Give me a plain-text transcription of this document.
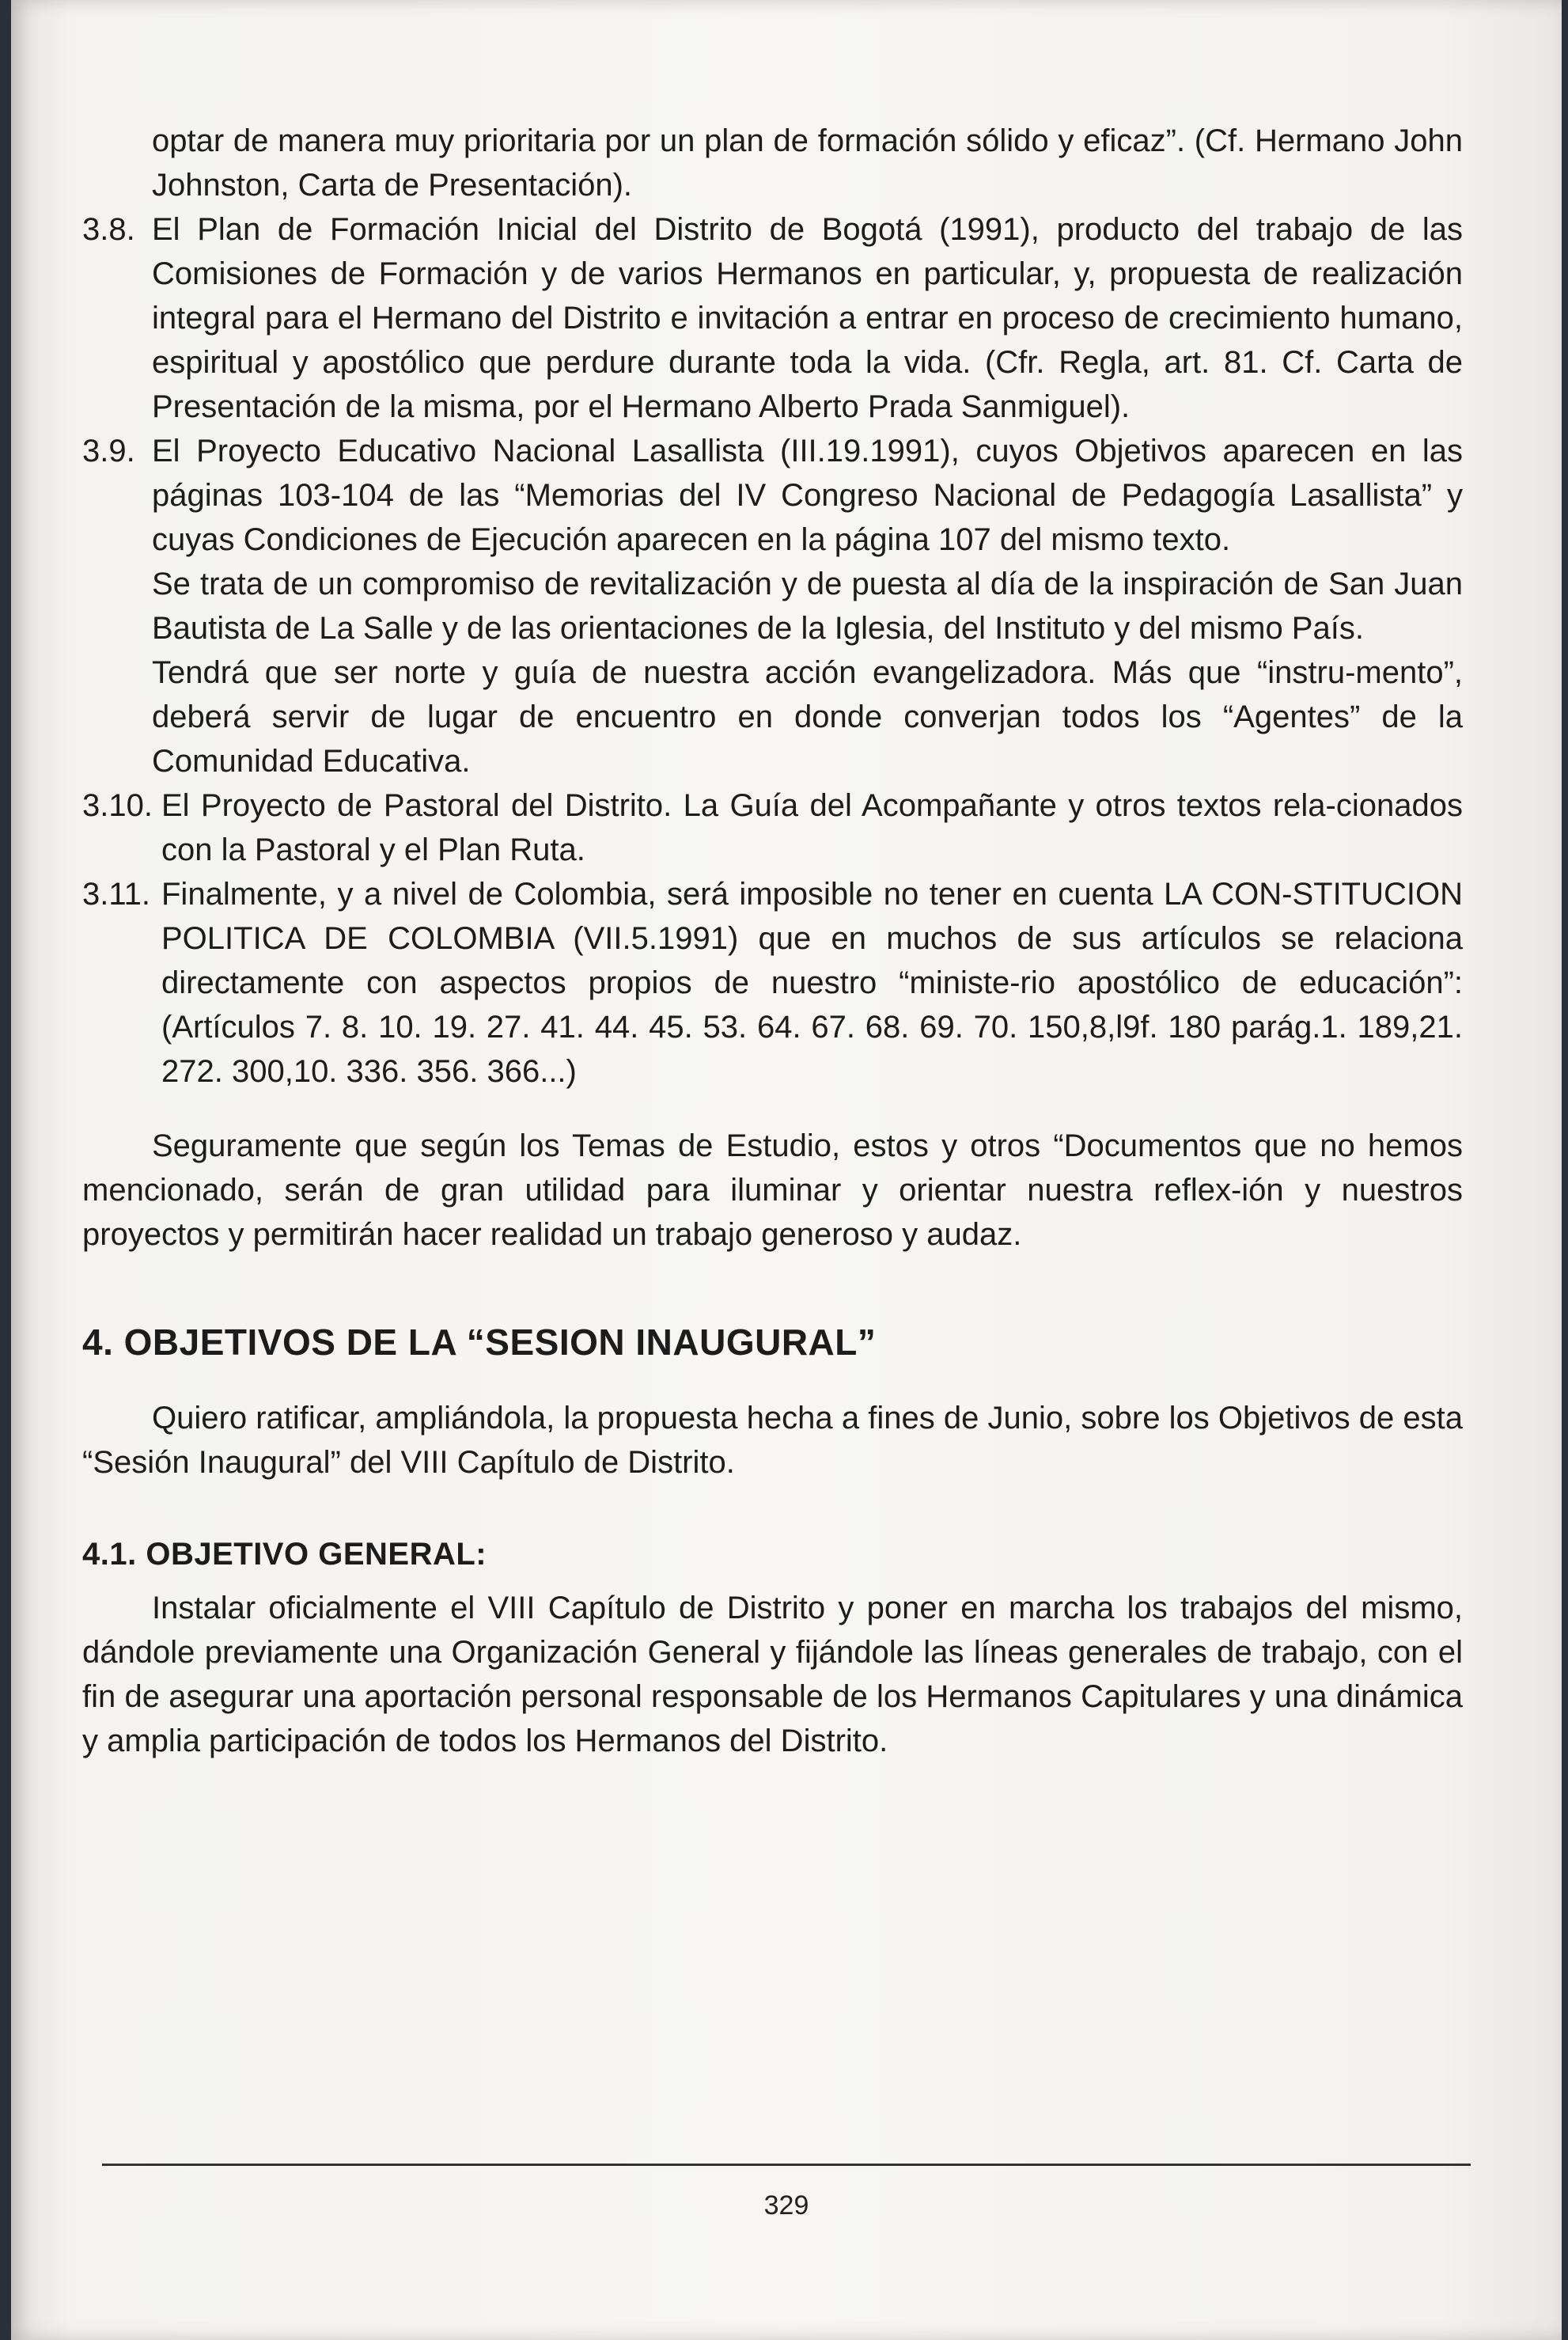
optar de manera muy prioritaria por un plan de formación sólido y eficaz”. (Cf. Hermano John Johnston, Carta de Presentación).

3.8. El Plan de Formación Inicial del Distrito de Bogotá (1991), producto del trabajo de las Comisiones de Formación y de varios Hermanos en particular, y, propuesta de realización integral para el Hermano del Distrito e invitación a entrar en proceso de crecimiento humano, espiritual y apostólico que perdure durante toda la vida. (Cfr. Regla, art. 81. Cf. Carta de Presentación de la misma, por el Hermano Alberto Prada Sanmiguel).
3.9. El Proyecto Educativo Nacional Lasallista (III.19.1991), cuyos Objetivos aparecen en las páginas 103-104 de las “Memorias del IV Congreso Nacional de Pedagogía Lasallista” y cuyas Condiciones de Ejecución aparecen en la página 107 del mismo texto.

Se trata de un compromiso de revitalización y de puesta al día de la inspiración de San Juan Bautista de La Salle y de las orientaciones de la Iglesia, del Instituto y del mismo País.

Tendrá que ser norte y guía de nuestra acción evangelizadora. Más que “instru-mento”, deberá servir de lugar de encuentro en donde converjan todos los “Agentes” de la Comunidad Educativa.

3.10. El Proyecto de Pastoral del Distrito. La Guía del Acompañante y otros textos rela-cionados con la Pastoral y el Plan Ruta.
3.11. Finalmente, y a nivel de Colombia, será imposible no tener en cuenta LA CON-STITUCION POLITICA DE COLOMBIA (VII.5.1991) que en muchos de sus artículos se relaciona directamente con aspectos propios de nuestro “ministe-rio apostólico de educación”: (Artículos 7. 8. 10. 19. 27. 41. 44. 45. 53. 64. 67. 68. 69. 70. 150,8,l9f. 180 parág.1. 189,21. 272. 300,10. 336. 356. 366...)

Seguramente que según los Temas de Estudio, estos y otros “Documentos que no hemos mencionado, serán de gran utilidad para iluminar y orientar nuestra reflex-ión y nuestros proyectos y permitirán hacer realidad un trabajo generoso y audaz.

4. OBJETIVOS DE LA “SESION INAUGURAL”

Quiero ratificar, ampliándola, la propuesta hecha a fines de Junio, sobre los Objetivos de esta “Sesión Inaugural” del VIII Capítulo de Distrito.

4.1. OBJETIVO GENERAL:

Instalar oficialmente el VIII Capítulo de Distrito y poner en marcha los trabajos del mismo, dándole previamente una Organización General y fijándole las líneas generales de trabajo, con el fin de asegurar una aportación personal responsable de los Hermanos Capitulares y una dinámica y amplia participación de todos los Hermanos del Distrito.

329
